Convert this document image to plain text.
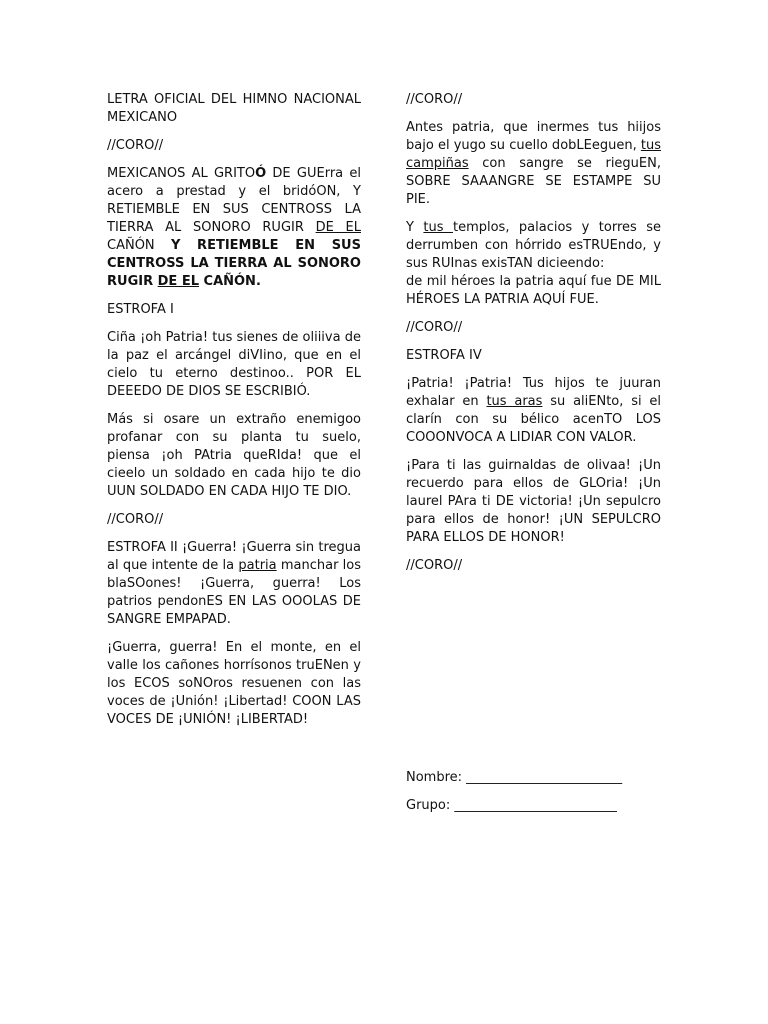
LETRA OFICIAL DEL HIMNO NACIONAL MEXICANO

//CORO//

MEXICANOS AL GRITOÓ DE GUErra el acero a prestad y el bridóON, Y RETIEMBLE EN SUS CENTROSS LA TIERRA AL SONORO RUGIR DE EL CAÑÓN Y RETIEMBLE EN SUS CENTROSS LA TIERRA AL SONORO RUGIR DE EL CAÑÓN.

ESTROFA I

Ciña ¡oh Patria! tus sienes de oliiiva de la paz el arcángel diVIino, que en el cielo tu eterno destinoo.. POR EL DEEEDO DE DIOS SE ESCRIBIÓ.

Más si osare un extraño enemigoo profanar con su planta tu suelo, piensa ¡oh PAtria queRIda! que el cieelo un soldado en cada hijo te dio UUN SOLDADO EN CADA HIJO TE DIO.

//CORO//

ESTROFA II ¡Guerra! ¡Guerra sin tregua al que intente de la patria manchar los blaSOones! ¡Guerra, guerra! Los patrios pendonES EN LAS OOOLAS DE SANGRE EMPAPAD.

¡Guerra, guerra! En el monte, en el valle los cañones horrísonos truENen y los ECOS soNOros resuenen con las voces de ¡Unión! ¡Libertad! COON LAS VOCES DE ¡UNIÓN! ¡LIBERTAD!

//CORO//

Antes patria, que inermes tus hiijos bajo el yugo su cuello dobLEeguen, tus campiñas con sangre se rieguEN, SOBRE SAAANGRE SE ESTAMPE SU PIE.

Y tus templos, palacios y torres se derrumben con hórrido esTRUEndo, y sus RUInas exisTAN dicieendo:
de mil héroes la patria aquí fue DE MIL HÉROES LA PATRIA AQUÍ FUE.

//CORO//

ESTROFA IV

¡Patria! ¡Patria! Tus hijos te juuran exhalar en tus aras su aliENto, si el clarín con su bélico acenTO LOS COOONVOCA A LIDIAR CON VALOR.

¡Para ti las guirnaldas de olivaa! ¡Un recuerdo para ellos de GLOria! ¡Un laurel PAra ti DE victoria! ¡Un sepulcro para ellos de honor! ¡UN SEPULCRO PARA ELLOS DE HONOR!

//CORO//

Nombre: ________________________
Grupo: _________________________
